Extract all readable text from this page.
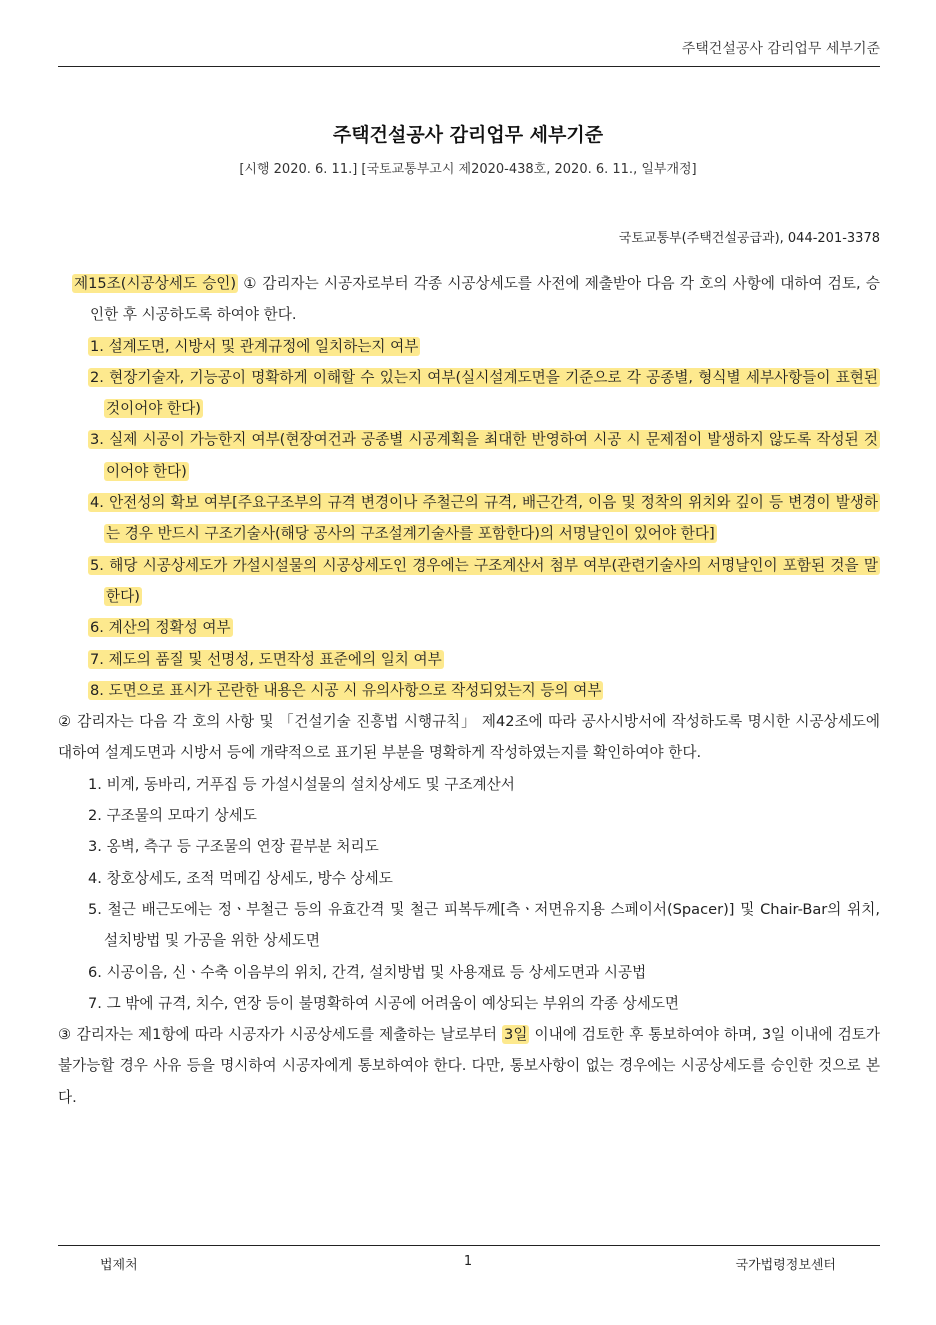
주택건설공사 감리업무 세부기준
주택건설공사 감리업무 세부기준
[시행 2020. 6. 11.] [국토교통부고시 제2020-438호, 2020. 6. 11., 일부개정]
국토교통부(주택건설공급과), 044-201-3378

제15조(시공상세도 승인) ① 감리자는 시공자로부터 각종 시공상세도를 사전에 제출받아 다음 각 호의 사항에 대하여 검토, 승인한 후 시공하도록 하여야 한다.

1. 설계도면, 시방서 및 관계규정에 일치하는지 여부

2. 현장기술자, 기능공이 명확하게 이해할 수 있는지 여부(실시설계도면을 기준으로 각 공종별, 형식별 세부사항들이 표현된 것이어야 한다)

3. 실제 시공이 가능한지 여부(현장여건과 공종별 시공계획을 최대한 반영하여 시공 시 문제점이 발생하지 않도록 작성된 것이어야 한다)

4. 안전성의 확보 여부[주요구조부의 규격 변경이나 주철근의 규격, 배근간격, 이음 및 정착의 위치와 깊이 등 변경이 발생하는 경우 반드시 구조기술사(해당 공사의 구조설계기술사를 포함한다)의 서명날인이 있어야 한다]

5. 해당 시공상세도가 가설시설물의 시공상세도인 경우에는 구조계산서 첨부 여부(관련기술사의 서명날인이 포함된 것을 말한다)

6. 계산의 정확성 여부

7. 제도의 품질 및 선명성, 도면작성 표준에의 일치 여부

8. 도면으로 표시가 곤란한 내용은 시공 시 유의사항으로 작성되었는지 등의 여부

② 감리자는 다음 각 호의 사항 및 「건설기술 진흥법 시행규칙」 제42조에 따라 공사시방서에 작성하도록 명시한 시공상세도에 대하여 설계도면과 시방서 등에 개략적으로 표기된 부분을 명확하게 작성하였는지를 확인하여야 한다.

1. 비계, 동바리, 거푸집 등 가설시설물의 설치상세도 및 구조계산서

2. 구조물의 모따기 상세도

3. 옹벽, 측구 등 구조물의 연장 끝부분 처리도

4. 창호상세도, 조적 먹메김 상세도, 방수 상세도

5. 철근 배근도에는 정ㆍ부철근 등의 유효간격 및 철근 피복두께[측ㆍ저면유지용 스페이서(Spacer)] 및 Chair-Bar의 위치, 설치방법 및 가공을 위한 상세도면

6. 시공이음, 신ㆍ수축 이음부의 위치, 간격, 설치방법 및 사용재료 등 상세도면과 시공법

7. 그 밖에 규격, 치수, 연장 등이 불명확하여 시공에 어려움이 예상되는 부위의 각종 상세도면

③ 감리자는 제1항에 따라 시공자가 시공상세도를 제출하는 날로부터 3일 이내에 검토한 후 통보하여야 하며, 3일 이내에 검토가 불가능할 경우 사유 등을 명시하여 시공자에게 통보하여야 한다. 다만, 통보사항이 없는 경우에는 시공상세도를 승인한 것으로 본다.

법제처	1	국가법령정보센터
